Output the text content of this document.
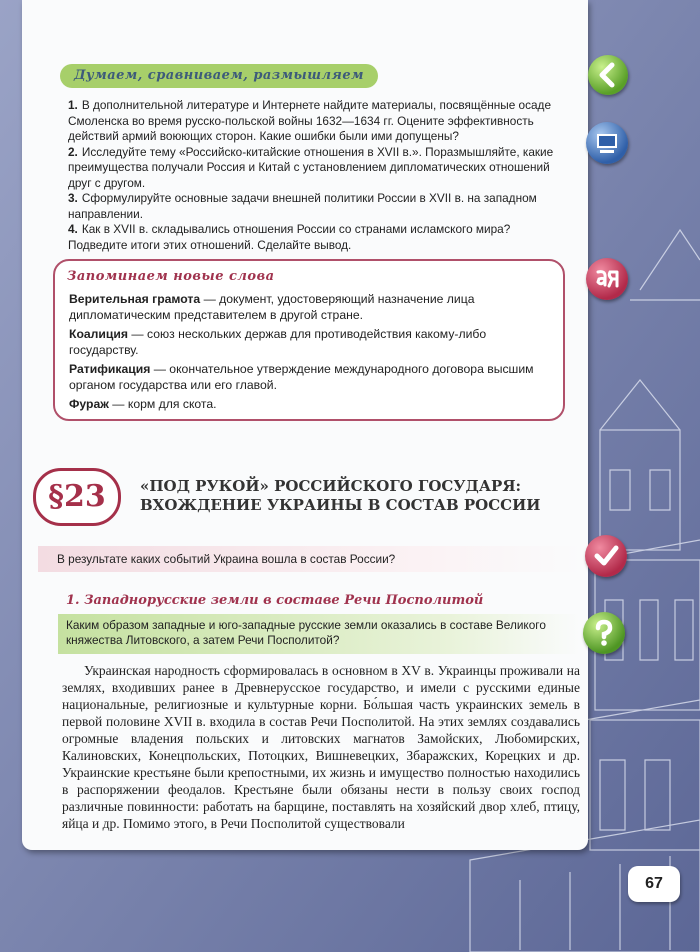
Думаем, сравниваем, размышляем
1. В дополнительной литературе и Интернете найдите материалы, посвящённые осаде Смоленска во время русско-польской войны 1632—1634 гг. Оцените эффективность действий армий воюющих сторон. Какие ошибки были ими допущены?
2. Исследуйте тему «Российско-китайские отношения в XVII в.». Поразмышляйте, какие преимущества получали Россия и Китай с установлением дипломатических отношений друг с другом.
3. Сформулируйте основные задачи внешней политики России в XVII в. на западном направлении.
4. Как в XVII в. складывались отношения России со странами исламского мира? Подведите итоги этих отношений. Сделайте вывод.
Запоминаем новые слова

Верительная грамота — документ, удостоверяющий назначение лица дипломатическим представителем в другой стране.

Коалиция — союз нескольких держав для противодействия какому-либо государству.

Ратификация — окончательное утверждение международного договора высшим органом государства или его главой.

Фураж — корм для скота.

§23	«ПОД РУКОЙ» РОССИЙСКОГО ГОСУДАРЯ: ВХОЖДЕНИЕ УКРАИНЫ В СОСТАВ РОССИИ
В результате каких событий Украина вошла в состав России?
1. Западнорусские земли в составе Речи Посполитой
Каким образом западные и юго-западные русские земли оказались в составе Великого княжества Литовского, а затем Речи Посполитой?

Украинская народность сформировалась в основном в XV в. Украинцы проживали на землях, входивших ранее в Древнерусское государство, и имели с русскими единые национальные, религиозные и культурные корни. Бо́льшая часть украинских земель в первой половине XVII в. входила в состав Речи Посполитой. На этих землях создавались огромные владения польских и литовских магнатов Замойских, Любомирских, Калиновских, Конецпольских, Потоцких, Вишневецких, Збаражских, Корецких и др. Украинские крестьяне были крепостными, их жизнь и имущество полностью находились в распоряжении феодалов. Крестьяне были обязаны нести в пользу своих господ различные повинности: работать на барщине, поставлять на хозяйский двор хлеб, птицу, яйца и др. Помимо этого, в Речи Посполитой существовали

67
